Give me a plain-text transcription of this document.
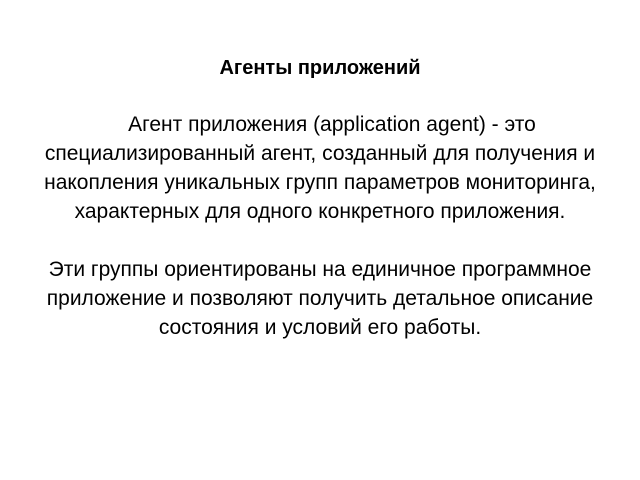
Агенты приложений

Агент приложения (application agent) - это специализированный агент, созданный для получения и накопления уникальных групп параметров мониторинга, характерных для одного конкретного приложения.

Эти группы ориентированы на единичное программное приложение и позволяют получить детальное описание состояния и условий его работы.
